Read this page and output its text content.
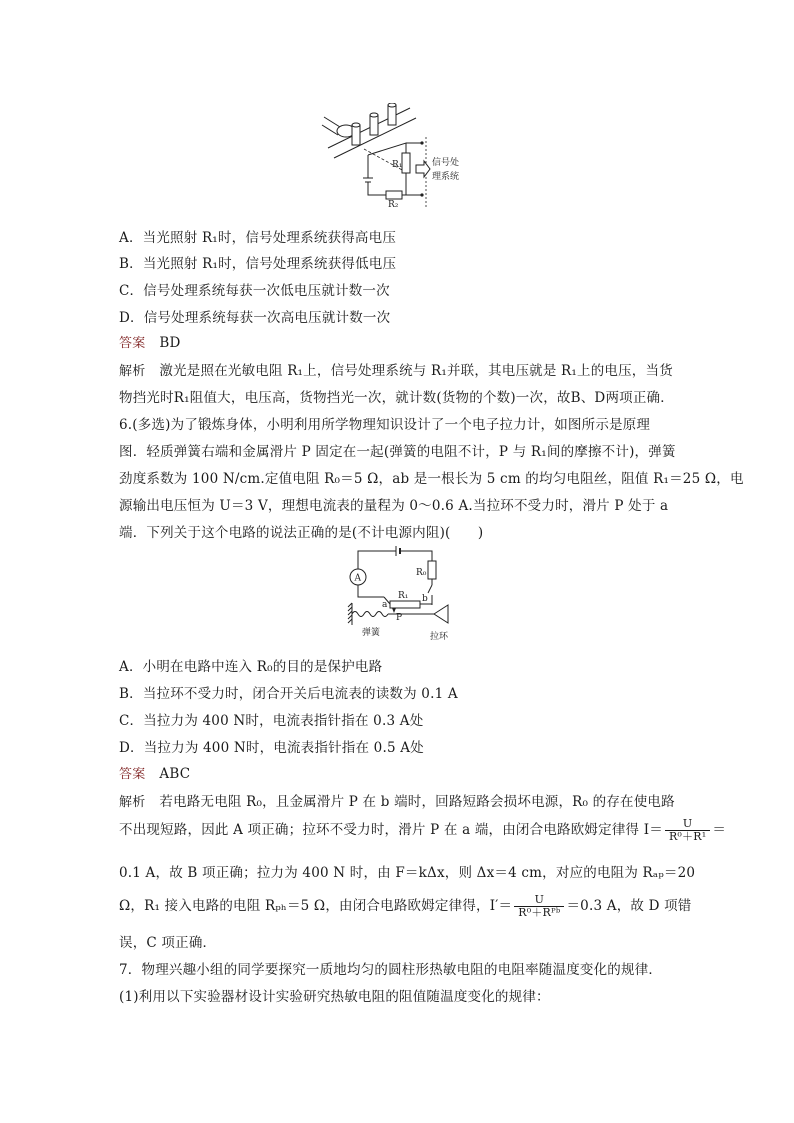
R₁
R₂
信号处
理系统
A．当光照射 R₁时，信号处理系统获得高电压
B．当光照射 R₁时，信号处理系统获得低电压
C．信号处理系统每获一次低电压就计数一次
D．信号处理系统每获一次高电压就计数一次
答案 BD
解析 激光是照在光敏电阻 R₁上，信号处理系统与 R₁并联，其电压就是 R₁上的电压，当货
物挡光时R₁阻值大，电压高，货物挡光一次，就计数(货物的个数)一次，故B、D两项正确．
6.(多选)为了锻炼身体，小明利用所学物理知识设计了一个电子拉力计，如图所示是原理
图．轻质弹簧右端和金属滑片 P 固定在一起(弹簧的电阻不计，P 与 R₁间的摩擦不计)，弹簧
劲度系数为 100 N/cm.定值电阻 R₀＝5 Ω，ab 是一根长为 5 cm 的均匀电阻丝，阻值 R₁＝25 Ω，电
源输出电压恒为 U＝3 V，理想电流表的量程为 0～0.6 A.当拉环不受力时，滑片 P 处于 a
端．下列关于这个电路的说法正确的是(不计电源内阻)(　　)
R₀
A
R₁
a
b
P
弹簧	拉环
A．小明在电路中连入 R₀的目的是保护电路
B．当拉环不受力时，闭合开关后电流表的读数为 0.1 A
C．当拉力为 400 N时，电流表指针指在 0.3 A处
D．当拉力为 400 N时，电流表指针指在 0.5 A处
答案 ABC
解析 若电路无电阻 R₀，且金属滑片 P 在 b 端时，回路短路会损坏电源，R₀ 的存在使电路
不出现短路，因此 A 项正确；拉环不受力时，滑片 P 在 a 端，由闭合电路欧姆定律得 $I= \frac{U}{\text{R⁰＋R¹}}$ ＝
0.1 A，故 B 项正确；拉力为 400 N 时，由 F＝kΔx，则 Δx＝4 cm，对应的电阻为 Rₐₚ＝20
Ω，R₁ 接入电路的电阻 Rₚₕ＝5 Ω，由闭合电路欧姆定律得，$I'= \frac{U}{\text{R⁰＋Rᴾᵇ}} =0.3$ A，故 D 项错
误，C 项正确．
7．物理兴趣小组的同学要探究一质地均匀的圆柱形热敏电阻的电阻率随温度变化的规律．
(1)利用以下实验器材设计实验研究热敏电阻的阻值随温度变化的规律：
